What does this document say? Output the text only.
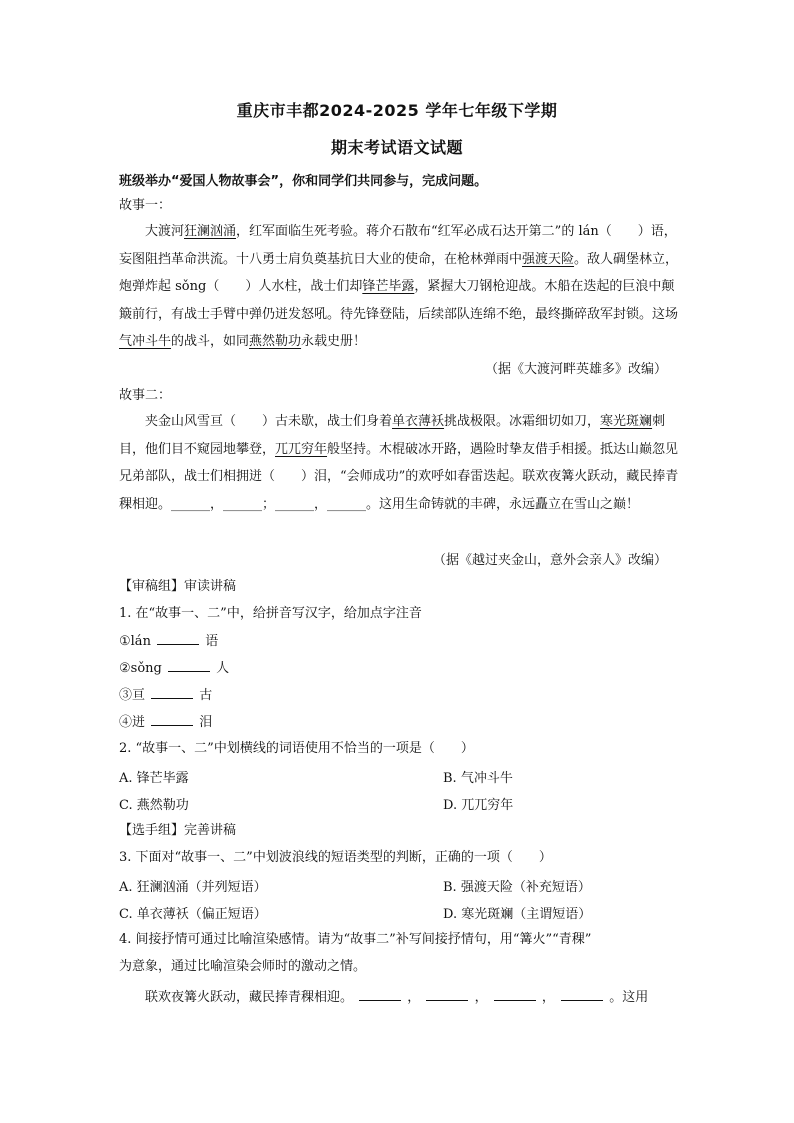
重庆市丰都2024-2025 学年七年级下学期
期末考试语文试题
班级举办“爱国人物故事会”，你和同学们共同参与，完成问题。
故事一：
大渡河狂澜汹涌，红军面临生死考验。蒋介石散布“红军必成石达开第二”的 lán（　　）语，妄图阻挡革命洪流。十八勇士肩负奠基抗日大业的使命，在枪林弹雨中强渡天险。敌人碉堡林立，炮弹炸起 sǒng（　　）人水柱，战士们却锋芒毕露，紧握大刀钢枪迎战。木船在迭起的巨浪中颠簸前行，有战士手臂中弹仍迸发怒吼。待先锋登陆，后续部队连绵不绝，最终撕碎敌军封锁。这场气冲斗牛的战斗，如同燕然勒功永载史册！
（据《大渡河畔英雄多》改编）
故事二：
夹金山风雪亘（　　）古未歇，战士们身着单衣薄袄挑战极限。冰霜细切如刀，寒光斑斓刺目，他们目不窥园地攀登，兀兀穷年般坚持。木棍破冰开路，遇险时挚友借手相援。抵达山巅忽见兄弟部队，战士们相拥迸（　　）泪，“会师成功”的欢呼如春雷迭起。联欢夜篝火跃动，藏民捧青稞相迎。______，______；______，______。这用生命铸就的丰碑，永远矗立在雪山之巅！
（据《越过夹金山，意外会亲人》改编）
【审稿组】审读讲稿
1. 在“故事一、二”中，给拼音写汉字，给加点字注音
①lán	语
②sǒng	人
③亘	古
④迸	泪
2. “故事一、二”中划横线的词语使用不恰当的一项是（　　）
A. 锋芒毕露	B. 气冲斗牛
C. 燕然勒功	D. 兀兀穷年
【选手组】完善讲稿
3. 下面对“故事一、二”中划波浪线的短语类型的判断，正确的一项（　　）
A. 狂澜汹涌（并列短语）	B. 强渡天险（补充短语）
C. 单衣薄袄（偏正短语）	D. 寒光斑斓（主谓短语）
4. 间接抒情可通过比喻渲染感情。请为“故事二”补写间接抒情句，用“篝火”“青稞”
为意象，通过比喻渲染会师时的激动之情。
联欢夜篝火跃动，藏民捧青稞相迎。	，	，	，	。这用
